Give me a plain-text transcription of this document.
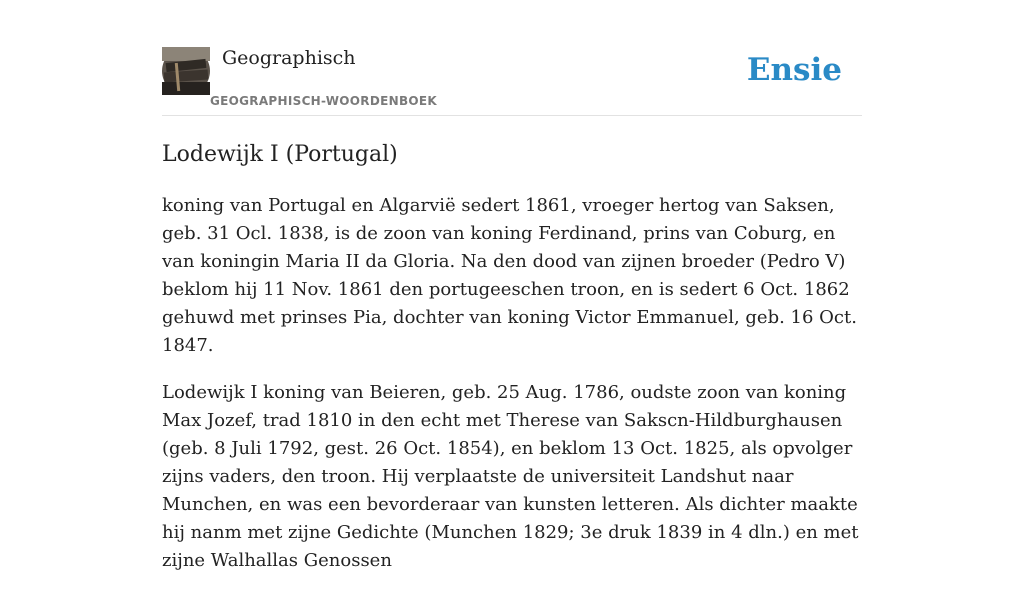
Geographisch
GEOGRAPHISCH-WOORDENBOEK
Ensie
Lodewijk I (Portugal)

koning van Portugal en Algarvië sedert 1861, vroeger hertog van Saksen, geb. 31 Ocl. 1838, is de zoon van koning Ferdinand, prins van Coburg, en van koningin Maria II da Gloria. Na den dood van zijnen broeder (Pedro V) beklom hij 11 Nov. 1861 den portugeeschen troon, en is sedert 6 Oct. 1862 gehuwd met prinses Pia, dochter van koning Victor Emmanuel, geb. 16 Oct. 1847.

Lodewijk I koning van Beieren, geb. 25 Aug. 1786, oudste zoon van koning Max Jozef, trad 1810 in den echt met Therese van Sakscn-Hildburghausen (geb. 8 Juli 1792, gest. 26 Oct. 1854), en beklom 13 Oct. 1825, als opvolger zijns vaders, den troon. Hij verplaatste de universiteit Landshut naar Munchen, en was een bevorderaar van kunsten letteren. Als dichter maakte hij nanm met zijne Gedichte (Munchen 1829; 3e druk 1839 in 4 dln.) en met zijne Walhallas Genossen
